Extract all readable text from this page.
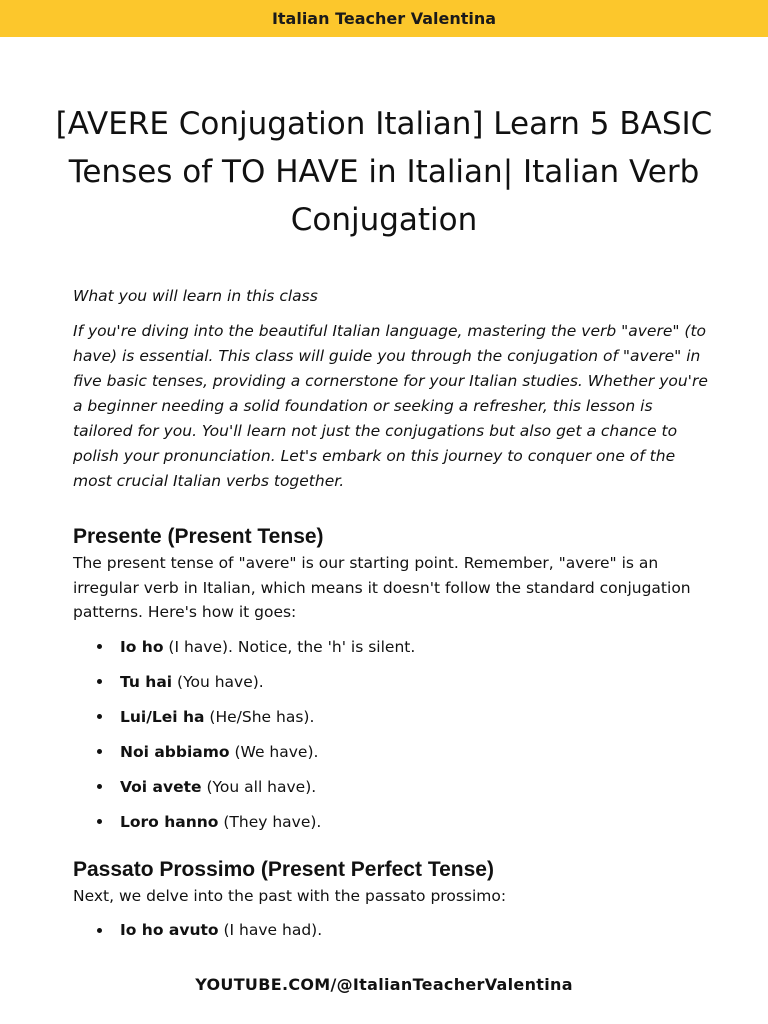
Italian Teacher Valentina
[AVERE Conjugation Italian] Learn 5 BASIC Tenses of TO HAVE in Italian| Italian Verb Conjugation

What you will learn in this class

If you're diving into the beautiful Italian language, mastering the verb "avere" (to have) is essential. This class will guide you through the conjugation of "avere" in five basic tenses, providing a cornerstone for your Italian studies. Whether you're a beginner needing a solid foundation or seeking a refresher, this lesson is tailored for you. You'll learn not just the conjugations but also get a chance to polish your pronunciation. Let's embark on this journey to conquer one of the most crucial Italian verbs together.

Presente (Present Tense)

The present tense of "avere" is our starting point. Remember, "avere" is an irregular verb in Italian, which means it doesn't follow the standard conjugation patterns. Here's how it goes:

Io ho (I have). Notice, the 'h' is silent.
Tu hai (You have).
Lui/Lei ha (He/She has).
Noi abbiamo (We have).
Voi avete (You all have).
Loro hanno (They have).
Passato Prossimo (Present Perfect Tense)

Next, we delve into the past with the passato prossimo:

Io ho avuto (I have had).
YOUTUBE.COM/@ItalianTeacherValentina
